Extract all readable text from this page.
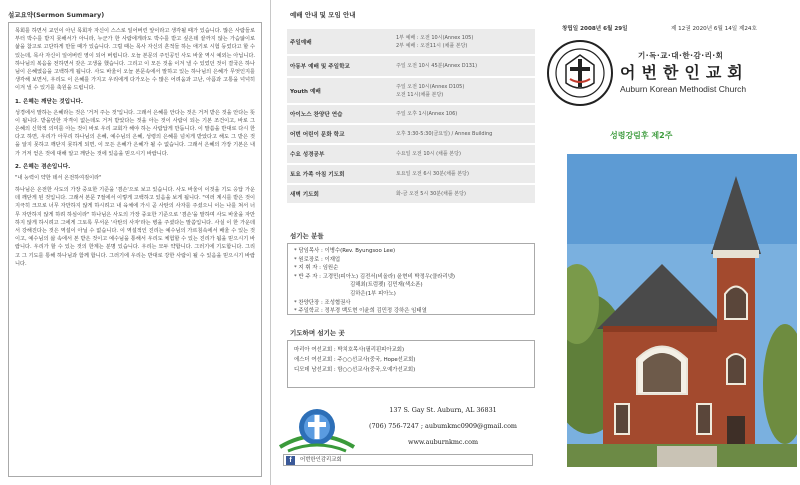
설교요약(Sermon Summary)

목회를 하면서 교인이 아닌 목회자 자신이 스스로 일어버린 앞이라고 생각될 때가 있습니다. 많은 사람들로부터 박수를 받지 못해서가 아니라, 누군가 한 사람에게라도 박수를 받고 싶은데 끝까지 않는 가슴앓이로 삶을 참고로 고단하게 만들 때가 있습니다. 그럴 때는 목사 자신의 흔적들 하는 애기로 시험 등었다고 할 수 있는데, 목사 자신이 일어버린 영이 되어 버립니다. 오늘 본문의 주인공인 사도 바울 역시 예외는 아닙니다. 하나님의 복음을 전하면서 갖은 고생을 했습니다. 그리고 이 모든 것을 이겨 낼 수 있었던 것이 결국은 하나님이 은혜였음을 고백하게 됩니다. 사도 바울이 오늘 본문속에서 말하고 있는 하나님의 은혜가 무엇인지를 생각해 보면서, 우리도 이 은혜를 가지고 우리에게 다가오는 수 많은 어려움과 고난, 아픔과 고통을 넉넉히 이겨 낼 수 있기를 축원을 드립니다.

1. 은혜는 깨닫는 것입니다.

성경에서 말하는 은혜라는 것은 '거저 주는 것'입니다. 그래서 은혜를 안다는 것은 거저 받은 것을 안다는 뜻이 됩니다. 받을만한 자격이 없는데도 거저 받았다는 것을 아는 것이 사람이 되는 기본 조건이고, 바로 그 은혜의 신학적 의미를 아는 것이 바로 우리 교회가 해야 하는 사람답게 만듭니다. 이 말씀을 반대로 다시 한다고 하면, 우리가 아무리 하나님의 은혜, 예수님의 은혜, 성령의 은혜를 넘치게 받았다고 해도 그 받은 것을 알지 못하고 깨닫지 못하게 되면, 이 모든 은혜가 은혜가 될 수 없습니다. 그래서 은혜의 가장 기본은 내가 거저 얻은 것에 대해 알고 깨닫는 것에 있음을 믿으시기 바랍니다.

2. 은혜는 겸손입니다.

"내 능력이 약한 데서 온전하여짐이라"

하나님은 온전한 사도의 가장 중요한 기준을 '겸손'으로 보고 있습니다. 사도 바울이 이것을 기도 응답 가운데 깨닫게 된 것입니다. 그래서 본문 7절에서 이렇게 고백하고 있음을 보게 됩니다. "여러 계시를 받은 것이 지극히 크므로 너무 자만하지 않게 하시려고 내 육체에 가시 곧 사탄의 사자를 주셨으니 이는 나를 쳐서 너무 자만하지 않게 하려 하심이라" 하나님은 사도의 가장 중요한 기준으로 '겸손'을 말하며 사도 바울을 자만하지 않게 하시려고 그에게 그토록 무서운 '사탄의 사자'라는 병을 주셨다는 말씀입니다. 사실 이 한 가운데서 강해진다는 것은 역설이 아닐 수 없습니다. 이 역설적인 진리는 예수님의 가르침속에서 배울 수 있는 것이고, 예수님의 삶 속에서 본 받은 것이고 예수님을 통해서 우리도 체험할 수 있는 진리가 됨을 믿으시기 바랍니다. 우리가 할 수 있는 것의 한계는 분명 있습니다. 우리는 모두 약합니다. 그러기에 기도합니다. 그리고 그 기도를 통해 하나님과 함께 합니다. 그러기에 우리는 반대로 강한 사람이 될 수 있음을 믿으시기 바랍니다.

예배 안내 및 모임 안내
주일예배	1부 예배 : 오전 10시(Annex 105)
2부 예배 : 오전11시 (채플 본당)

아동부 예배 및 주일학교	주일 오전 10시 45분(Annex D131)
Youth 예배	주일 오전 10시(Annex D105)
오전 11시(채플 본당)

아이노스 찬양단 연습	주일 오후 1시(Annex 106)
어번 어린이 문화 학교	오후 3:30-5:30(금요일) / Annex Building
수요 성경공부	수요일 오전 10시 (채플 본당)
토요 가족 아침 기도회	토요일 오전 6시 30분(채플 본당)
새벽 기도회	화-금 오전 5시 30분(채플 본당)
섬기는 분들
* 담임목사 : 이병수(Rev. Byungsoo Lee)
* 원로장로 : 이재업
* 지 휘 자 : 임원순
* 반 주 자 : 고경민(피아노) 김전서(비올라) 윤현비 박정우(클라리넷)
김해최(트럼펫) 김민재(색소폰)
김하은(1부 피아노)
* 찬양단장 : 조성협권사
* 주일학교 : 정부경 백도현 이윤희 김민정 강하은 임태열
기도하며 섬기는 곳
마리아 여선교회 : 박치호목사(필리핀피아교회)
에스더 여선교회 : 주○○선교사(중국, Hope선교회)
디모데 남선교회 : 함○○선교사(중국,오예가선교회)
137 S. Gay St. Auburn, AL 36831
(706) 756-7247 ; aubumkmc0909@gmail.com
www.auburnkmc.com
f	어번한인감리교회
창립일 2008년 6월 29일	제 12권 2020년 6월 14일 제24호
기·독·교·대·한·감·리·회
어번한인교회
Auburn Korean Methodist Church
성령강림후 제2주
